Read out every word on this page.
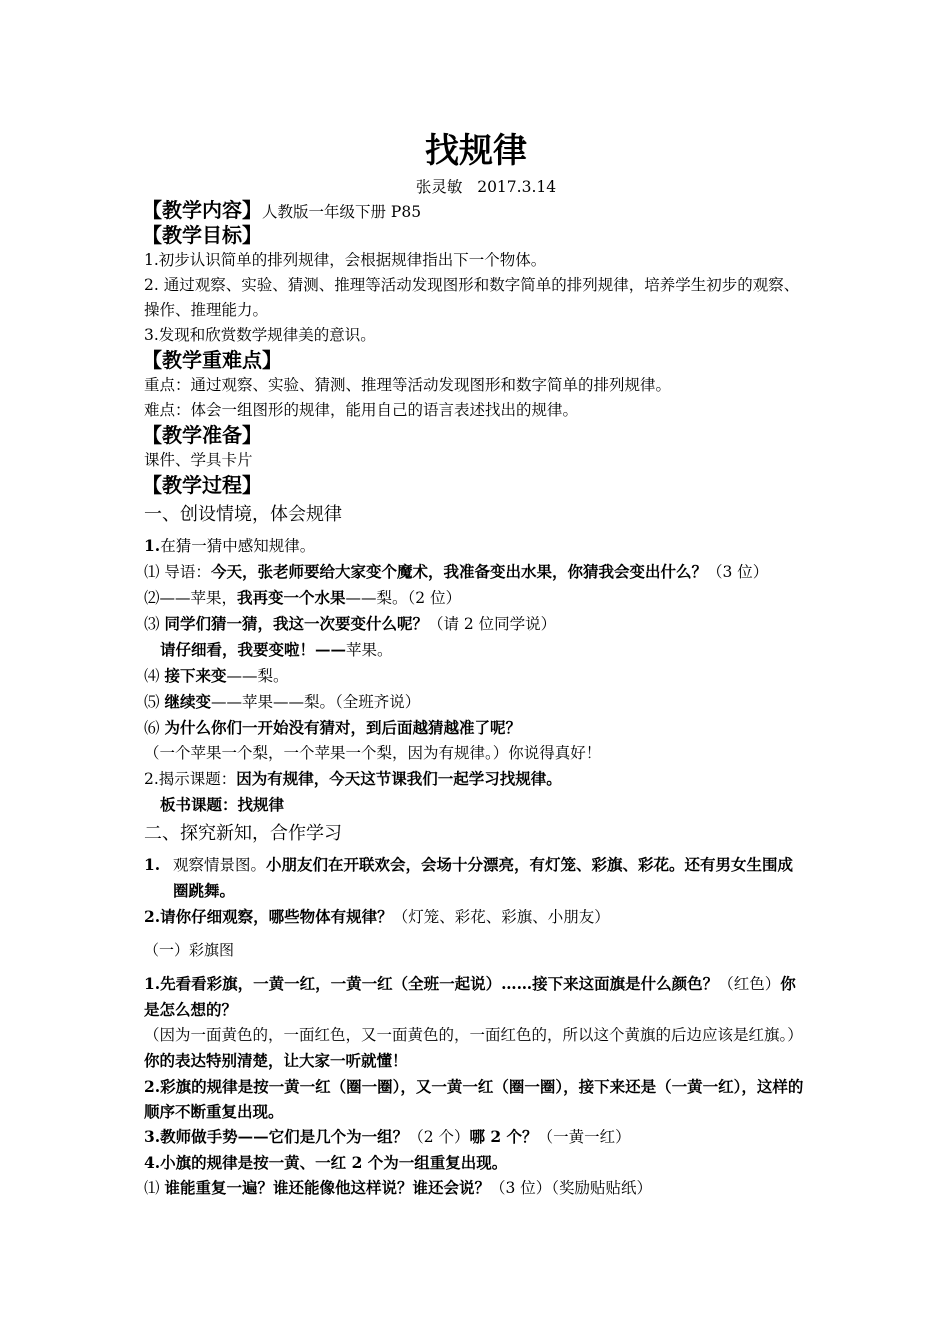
找规律
张灵敏 2017.3.14
【教学内容】人教版一年级下册 P85
【教学目标】
1.初步认识简单的排列规律，会根据规律指出下一个物体。
2. 通过观察、实验、猜测、推理等活动发现图形和数字简单的排列规律，培养学生初步的观察、操作、推理能力。
3.发现和欣赏数学规律美的意识。
【教学重难点】
重点：通过观察、实验、猜测、推理等活动发现图形和数字简单的排列规律。
难点：体会一组图形的规律，能用自己的语言表述找出的规律。
【教学准备】
课件、学具卡片
【教学过程】
一、创设情境，体会规律
1.在猜一猜中感知规律。
⑴ 导语：今天，张老师要给大家变个魔术，我准备变出水果，你猜我会变出什么？（3 位）
⑵——苹果，我再变一个水果——梨。（2 位）
⑶ 同学们猜一猜，我这一次要变什么呢？（请 2 位同学说）
请仔细看，我要变啦！——苹果。
⑷ 接下来变——梨。
⑸ 继续变——苹果——梨。（全班齐说）
⑹ 为什么你们一开始没有猜对，到后面越猜越准了呢？
（一个苹果一个梨，一个苹果一个梨，因为有规律。）你说得真好！
2.揭示课题：因为有规律，今天这节课我们一起学习找规律。
板书课题：找规律
二、探究新知，合作学习
1. 观察情景图。小朋友们在开联欢会，会场十分漂亮，有灯笼、彩旗、彩花。还有男女生围成圈跳舞。
2.请你仔细观察，哪些物体有规律？（灯笼、彩花、彩旗、小朋友）
（一）彩旗图
1.先看看彩旗，一黄一红，一黄一红（全班一起说）……接下来这面旗是什么颜色？（红色）你是怎么想的？
（因为一面黄色的，一面红色，又一面黄色的，一面红色的，所以这个黄旗的后边应该是红旗。）你的表达特别清楚，让大家一听就懂！
2.彩旗的规律是按一黄一红（圈一圈），又一黄一红（圈一圈），接下来还是（一黄一红），这样的顺序不断重复出现。
3.教师做手势——它们是几个为一组？（2 个）哪 2 个？（一黄一红）
4.小旗的规律是按一黄、一红 2 个为一组重复出现。
⑴ 谁能重复一遍？谁还能像他这样说？谁还会说？（3 位）（奖励贴贴纸）
